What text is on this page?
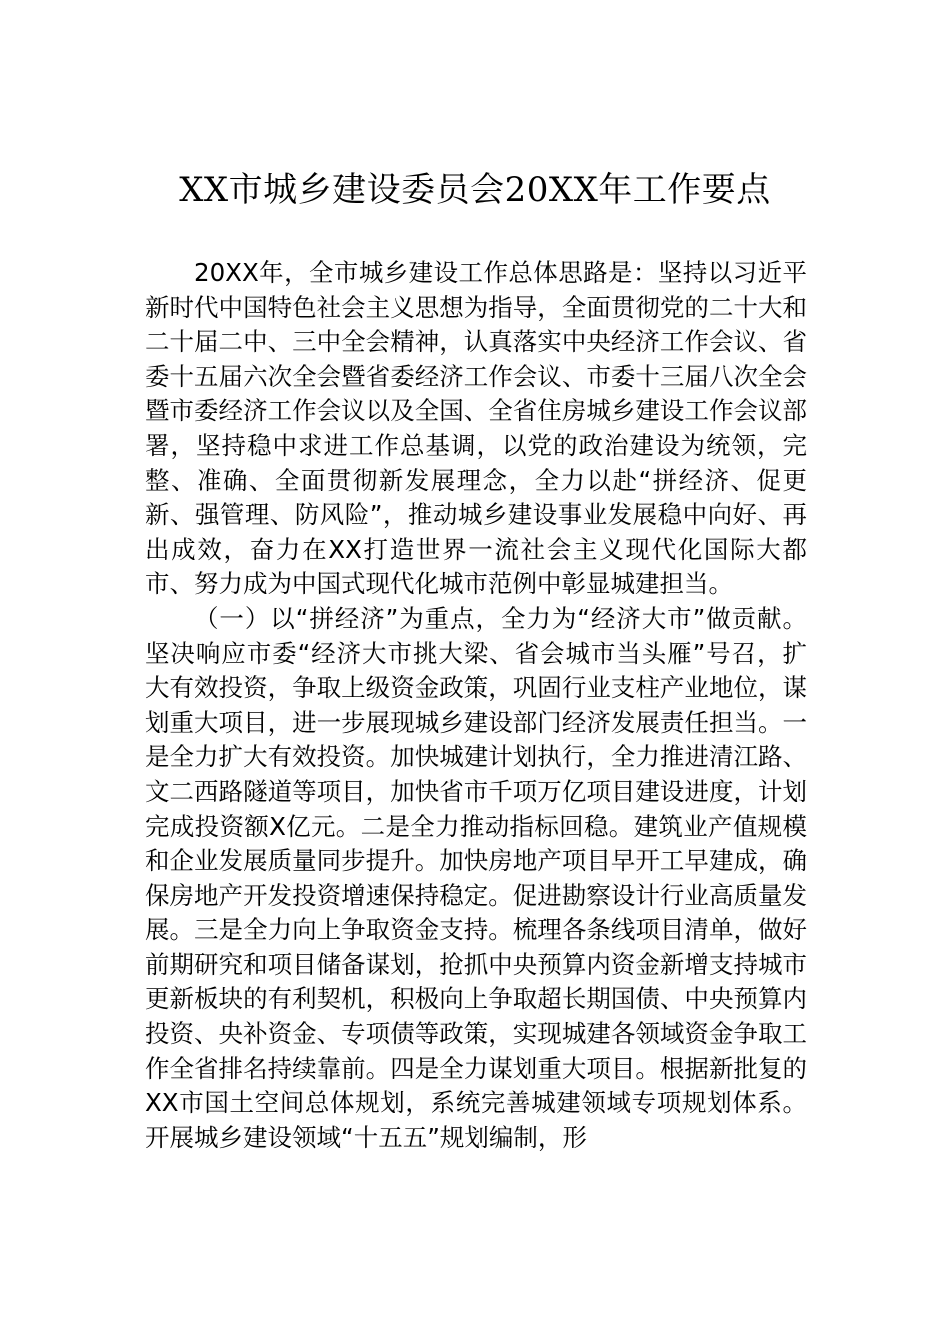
XX市城乡建设委员会20XX年工作要点

20XX年，全市城乡建设工作总体思路是：坚持以习近平新时代中国特色社会主义思想为指导，全面贯彻党的二十大和二十届二中、三中全会精神，认真落实中央经济工作会议、省委十五届六次全会暨省委经济工作会议、市委十三届八次全会暨市委经济工作会议以及全国、全省住房城乡建设工作会议部署，坚持稳中求进工作总基调，以党的政治建设为统领，完整、准确、全面贯彻新发展理念，全力以赴“拼经济、促更新、强管理、防风险”，推动城乡建设事业发展稳中向好、再出成效，奋力在XX打造世界一流社会主义现代化国际大都市、努力成为中国式现代化城市范例中彰显城建担当。

（一）以“拼经济”为重点，全力为“经济大市”做贡献。坚决响应市委“经济大市挑大梁、省会城市当头雁”号召，扩大有效投资，争取上级资金政策，巩固行业支柱产业地位，谋划重大项目，进一步展现城乡建设部门经济发展责任担当。一是全力扩大有效投资。加快城建计划执行，全力推进清江路、文二西路隧道等项目，加快省市千项万亿项目建设进度，计划完成投资额X亿元。二是全力推动指标回稳。建筑业产值规模和企业发展质量同步提升。加快房地产项目早开工早建成，确保房地产开发投资增速保持稳定。促进勘察设计行业高质量发展。三是全力向上争取资金支持。梳理各条线项目清单，做好前期研究和项目储备谋划，抢抓中央预算内资金新增支持城市更新板块的有利契机，积极向上争取超长期国债、中央预算内投资、央补资金、专项债等政策，实现城建各领域资金争取工作全省排名持续靠前。四是全力谋划重大项目。根据新批复的XX市国土空间总体规划，系统完善城建领域专项规划体系。开展城乡建设领域“十五五”规划编制，形
